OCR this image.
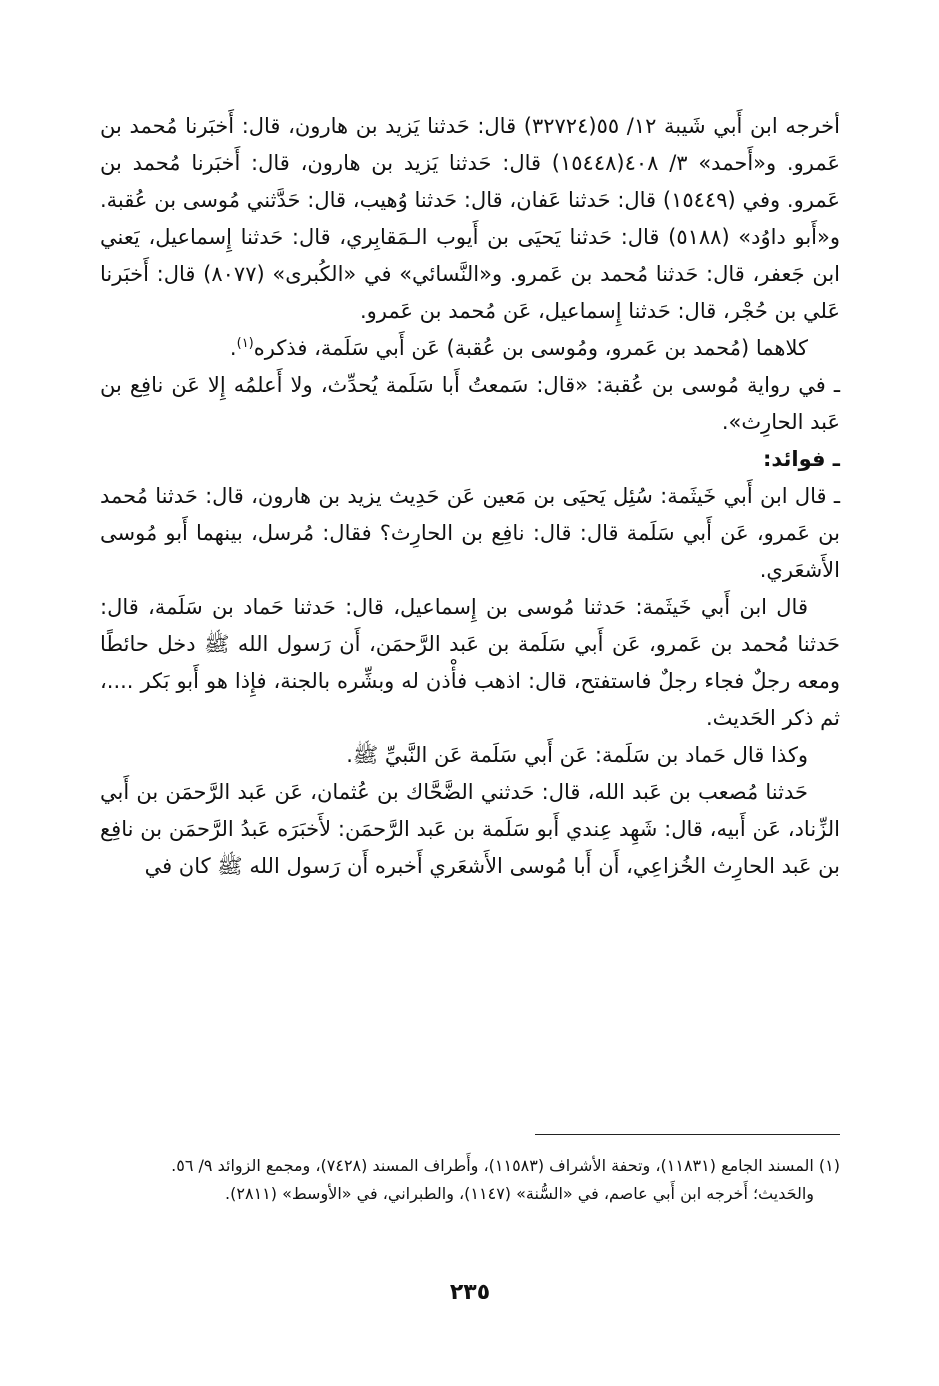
أخرجه ابن أَبي شَيبة ١٢/ ٥٥(٣٢٧٢٤) قال: حَدثنا يَزيد بن هارون، قال: أَخبَرنا مُحمد بن عَمرو. و«أَحمد» ٣/ ٤٠٨(١٥٤٤٨) قال: حَدثنا يَزيد بن هارون، قال: أَخبَرنا مُحمد بن عَمرو. وفي (١٥٤٤٩) قال: حَدثنا عَفان، قال: حَدثنا وُهيب، قال: حَدَّثني مُوسى بن عُقبة. و«أَبو داوُد» (٥١٨٨) قال: حَدثنا يَحيَى بن أَيوب الـمَقابِري، قال: حَدثنا إِسماعيل، يَعني ابن جَعفر، قال: حَدثنا مُحمد بن عَمرو. و«النَّسائي» في «الكُبرى» (٨٠٧٧) قال: أَخبَرنا عَلي بن حُجْر، قال: حَدثنا إِسماعيل، عَن مُحمد بن عَمرو.

كلاهما (مُحمد بن عَمرو، ومُوسى بن عُقبة) عَن أَبي سَلَمة، فذكره$^{(١)}$.

ـ في رواية مُوسى بن عُقبة: «قال: سَمعتُ أَبا سَلَمة يُحدِّث، ولا أَعلمُه إِلا عَن نافِع بن عَبد الحارِث».

ـ فوائد:

ـ قال ابن أَبي خَيثَمة: سُئِل يَحيَى بن مَعين عَن حَدِيث يزيد بن هارون، قال: حَدثنا مُحمد بن عَمرو، عَن أَبي سَلَمة قال: قال: نافِع بن الحارِث؟ فقال: مُرسل، بينهما أَبو مُوسى الأَشعَري.

قال ابن أَبي خَيثَمة: حَدثنا مُوسى بن إِسماعيل، قال: حَدثنا حَماد بن سَلَمة، قال: حَدثنا مُحمد بن عَمرو، عَن أَبي سَلَمة بن عَبد الرَّحمَن، أَن رَسول الله ﷺ دخل حائطًا ومعه رجلٌ فجاء رجلٌ فاستفتح، قال: اذهب فأْذن له وبشِّره بالجنة، فإِذا هو أَبو بَكر ....، ثم ذكر الحَديث.

وكذا قال حَماد بن سَلَمة: عَن أَبي سَلَمة عَن النَّبيِّ ﷺ.

حَدثنا مُصعب بن عَبد الله، قال: حَدثني الضَّحَّاك بن عُثمان، عَن عَبد الرَّحمَن بن أَبي الزِّناد، عَن أَبيه، قال: شَهِد عِندي أَبو سَلَمة بن عَبد الرَّحمَن: لأَخبَرَه عَبدُ الرَّحمَن بن نافِع بن عَبد الحارِث الخُزاعِي، أَن أَبا مُوسى الأَشعَري أَخبره أَن رَسول الله ﷺ كان في

(١) المسند الجامع (١١٨٣١)، وتحفة الأشراف (١١٥٨٣)، وأَطراف المسند (٧٤٢٨)، ومجمع الزوائد ٩/ ٥٦.

والحَديث؛ أَخرجه ابن أَبي عاصم، في «السُّنة» (١١٤٧)، والطبراني، في «الأوسط» (٢٨١١).

٢٣٥
